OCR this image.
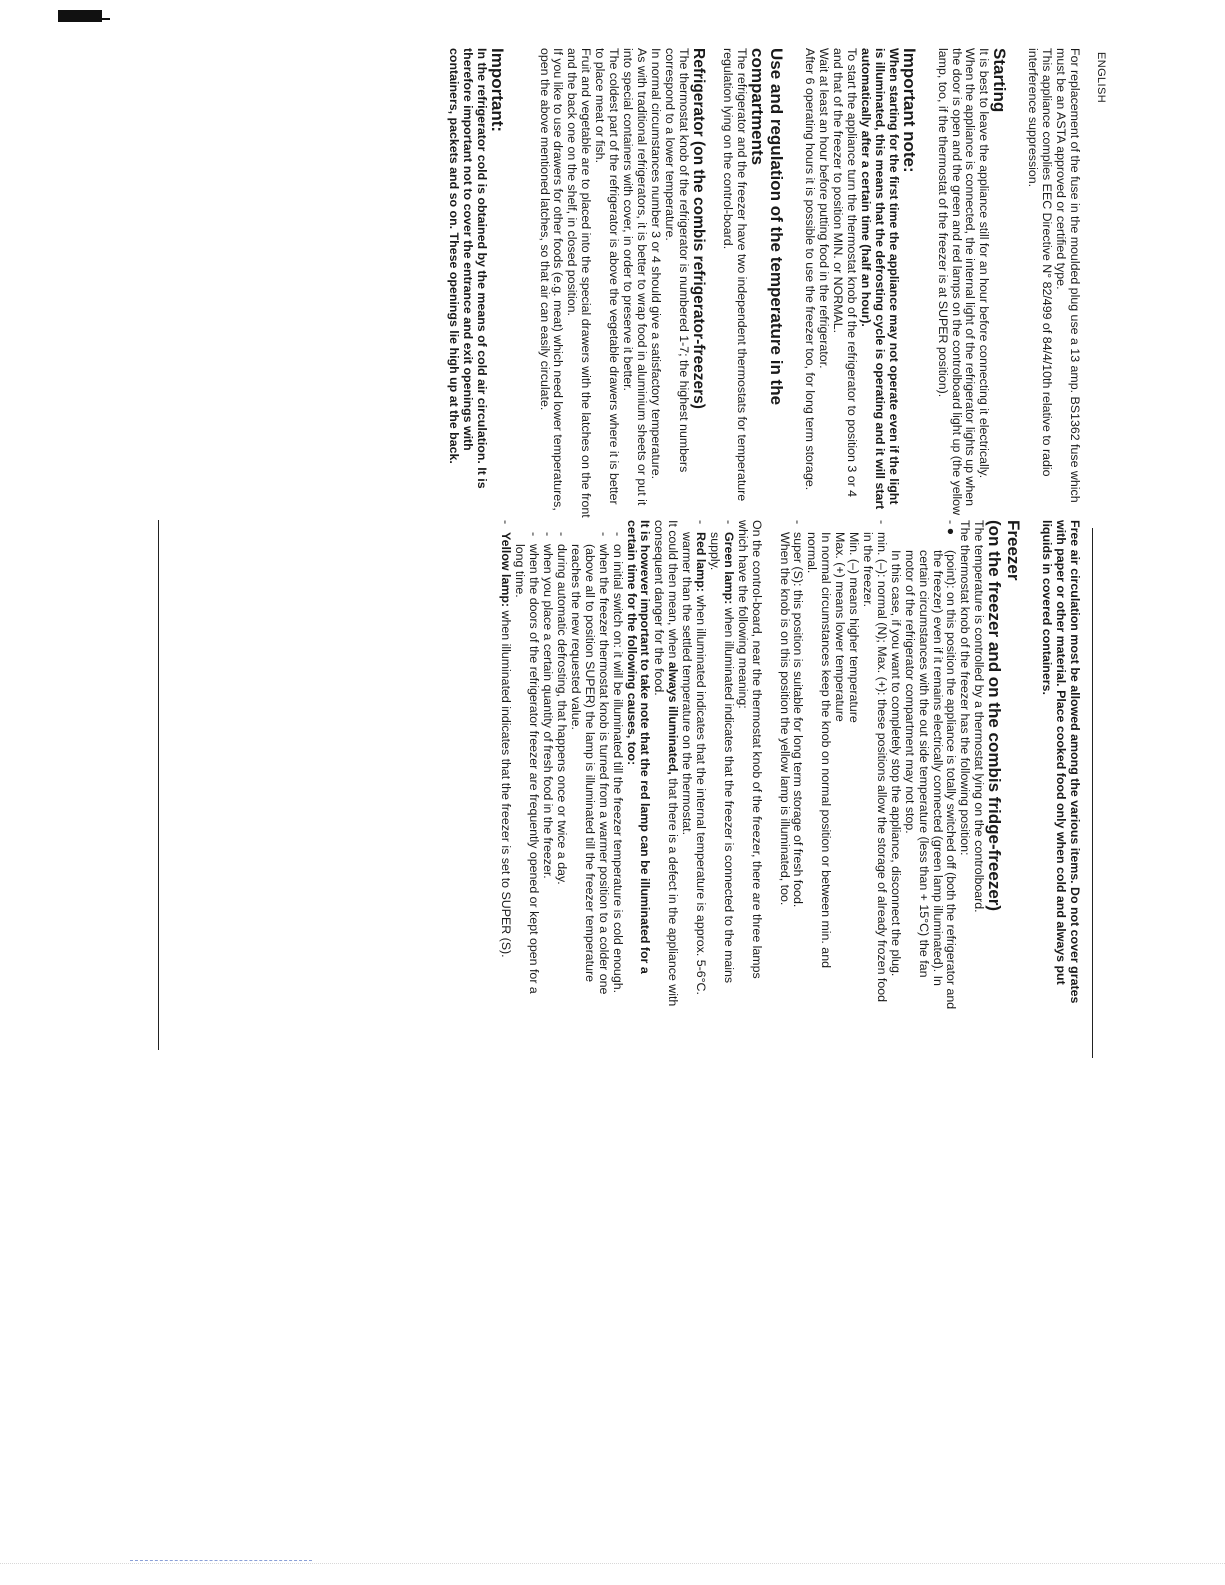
ENGLISH

For replacement of the fuse in the moulded plug use a 13 amp. BS1362 fuse which must be an ASTA approved or certified type.

This appliance complies EEC Directive N° 82/499 of 84/4/10th relative to radio interference suppression.

Starting

It is best to leave the appliance still for an hour before connecting it electrically.

When the appliance is connected, the internal light of the refrigerator lights up when the door is open and the green and red lamps on the controlboard light up (the yellow lamp, too, if the thermostat of the freezer is at SUPER position).

Important note:

When starting for the first time the appliance may not operate even if the light is illuminated, this means that the defrosting cycle is operating and it will start automatically after a certain time (half an hour).

To start the appliance turn the thermostat knob of the refrigerator to position 3 or 4 and that of the freezer to position MIN. or NORMAL.

Wait at least an hour before putting food in the refrigerator.

After 6 operating hours it is possible to use the freezer too, for long term storage.

Use and regulation of the temperature in the compartments

The refrigerator and the freezer have two independent thermostats for temperature regulation lying on the control-board.

Refrigerator (on the combis refrigerator-freezers)

The thermostat knob of the refrigerator is numbered 1-7; the highest numbers correspond to a lower temperature.

In normal circumstances number 3 or 4 should give a satisfactory temperature.

As with traditional refrigerators, it is better to wrap food in aluminium sheets or put it into special containers with cover, in order to preserve it better.

The coldest part of the refrigerator is above the vegetable drawers where it is better to place meat or fish.

Fruit and vegetable are to placed into the special drawers with the latches on the front and the back one on the shelf, in closed position.

If you like to use drawers for other foods (e.g. meat) which need lower temperatures, open the above mentioned latches, so that air can easily circulate.

Important:

In the refrigerator cold is obtained by the means of cold air circulation. It is therefore important not to cover the entrance and exit openings with containers, packets and so on. These openings lie high up at the back.

Free air circulation most be allowed among the various items. Do not cover grates with paper or other material. Place cooked food only when cold and always put liquids in covered containers.

Freezer

(on the freezer and on the combis fridge-freezer)

The temperature is controlled by a thermostat lying on the controlboard.

The thermostat knob of the freezer has the following position:

- ●

(point): on this position the appliance is totally switched off (both the refrigerator and the freezer) even if it remains electrically connected (green lamp illuminated). In certain circumstances with the out side temperature (less than + 15°C) the fan motor of the refrigerator compartment may not stop.

In this case, if you want to completely stop the appliance, disconnect the plug.

-

min. (–): normal (N); Max. (+): these positions allow the storage of already frozen food in the freezer.

Min. (–) means higher temperature

Max. (+) means lower temperature

In normal circumstances keep the knob on normal position or between min. and normal.

-

super (S): this position is suitable for long term storage of fresh food.

When the knob is on this position the yellow lamp is illuminated, too.

On the control-board, near the thermostat knob of the freezer, there are three lamps which have the following meaning:

-

Green lamp: when illuminated indicates that the freezer is connected to the mains supply.

-

Red lamp: when illuminated indicates that the internal temperature is approx. 5-6°C. warmer than the settled temperature on the thermostat.

It could then mean, when always illuminated, that there is a defect in the appliance with consequent danger for the food.

It is however important to take note that the red lamp can be illuminated for a certain time for the following causes, too:

-

on initial switch on: it will be illuminated till the freezer temperature is cold enough.

-

when the freezer thermostat knob is turned from a warmer position to a colder one (above all to position SUPER) the lamp is illuminated till the freezer temperature reaches the new requested value.

-

during automatic defrosting, that happens once or twice a day.

-

when you place a certain quantity of fresh food in the freezer.

-

when the doors of the refrigerator freezer are frequently opened or kept open for a long time.

-

Yellow lamp: when illuminated indicates that the freezer is set to SUPER (S).
